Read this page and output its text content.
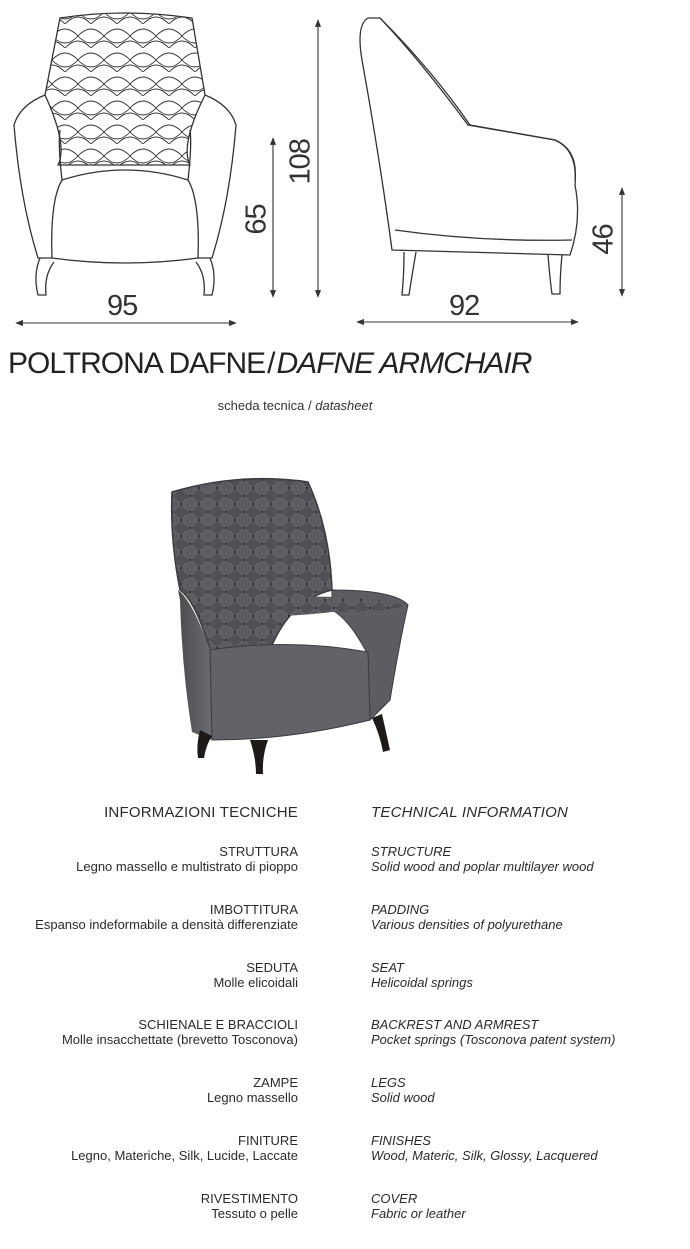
95
108
65
92
46
POLTRONA DAFNE/DAFNE ARMCHAIR
scheda tecnica / datasheet
INFORMAZIONI TECNICHE
STRUTTURA
Legno massello e multistrato di pioppo
IMBOTTITURA
Espanso indeformabile a densità differenziate
SEDUTA
Molle elicoidali
SCHIENALE E BRACCIOLI
Molle insacchettate (brevetto Tosconova)
ZAMPE
Legno massello
FINITURE
Legno, Materiche, Silk, Lucide, Laccate
RIVESTIMENTO
Tessuto o pelle
TECHNICAL INFORMATION
STRUCTURE
Solid wood and poplar multilayer wood
PADDING
Various densities of polyurethane
SEAT
Helicoidal springs
BACKREST AND ARMREST
Pocket springs (Tosconova patent system)
LEGS
Solid wood
FINISHES
Wood, Materic, Silk, Glossy, Lacquered
COVER
Fabric or leather
